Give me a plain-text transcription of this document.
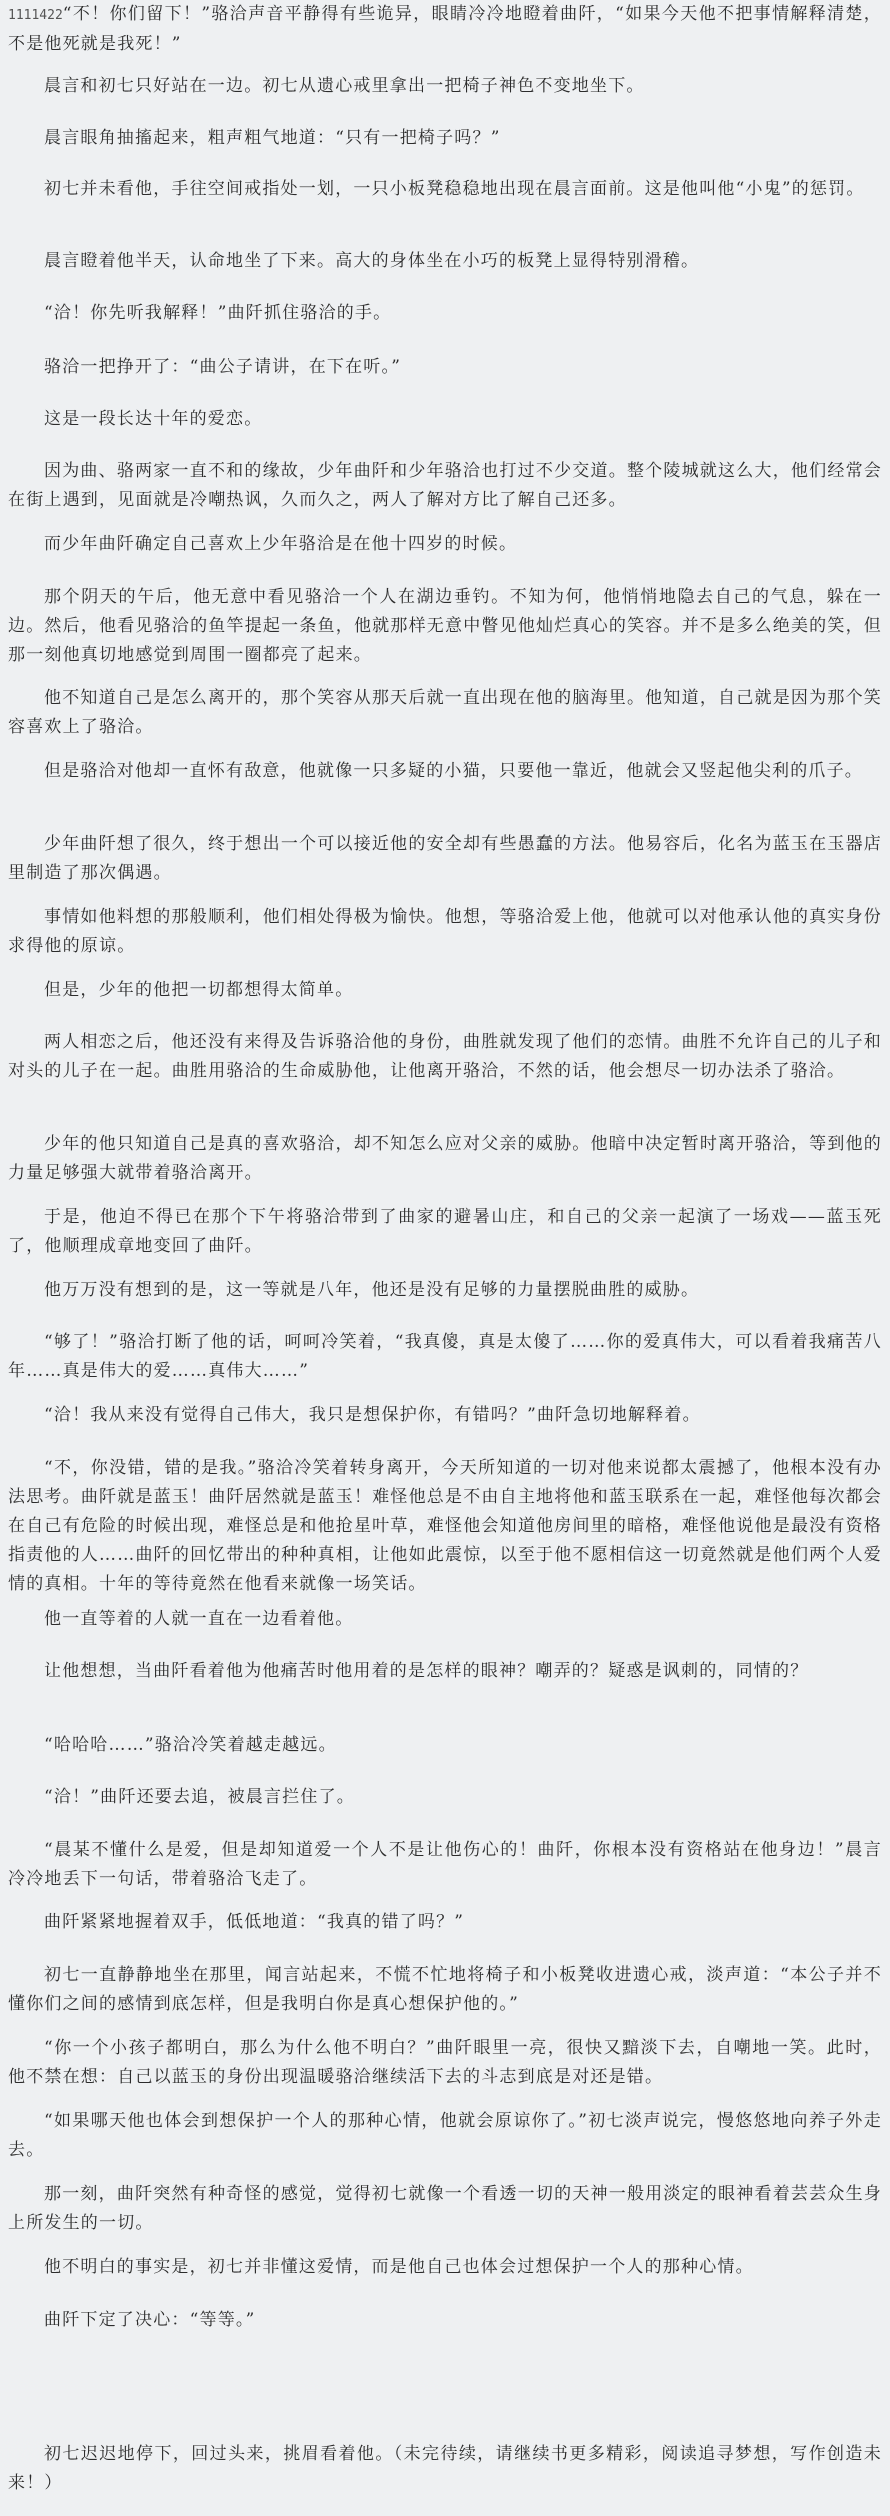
1111422“不！你们留下！”骆洽声音平静得有些诡异，眼睛冷冷地瞪着曲阡，“如果今天他不把事情解释清楚，不是他死就是我死！”

晨言和初七只好站在一边。初七从遗心戒里拿出一把椅子神色不变地坐下。

晨言眼角抽搐起来，粗声粗气地道：“只有一把椅子吗？”

初七并未看他，手往空间戒指处一划，一只小板凳稳稳地出现在晨言面前。这是他叫他“小鬼”的惩罚。

晨言瞪着他半天，认命地坐了下来。高大的身体坐在小巧的板凳上显得特别滑稽。

“洽！你先听我解释！”曲阡抓住骆洽的手。

骆洽一把挣开了：“曲公子请讲，在下在听。”

这是一段长达十年的爱恋。

因为曲、骆两家一直不和的缘故，少年曲阡和少年骆洽也打过不少交道。整个陵城就这么大，他们经常会在街上遇到，见面就是冷嘲热讽，久而久之，两人了解对方比了解自己还多。

而少年曲阡确定自己喜欢上少年骆洽是在他十四岁的时候。

那个阴天的午后，他无意中看见骆洽一个人在湖边垂钓。不知为何，他悄悄地隐去自己的气息，躲在一边。然后，他看见骆洽的鱼竿提起一条鱼，他就那样无意中瞥见他灿烂真心的笑容。并不是多么绝美的笑，但那一刻他真切地感觉到周围一圈都亮了起来。

他不知道自己是怎么离开的，那个笑容从那天后就一直出现在他的脑海里。他知道，自己就是因为那个笑容喜欢上了骆洽。

但是骆洽对他却一直怀有敌意，他就像一只多疑的小猫，只要他一靠近，他就会又竖起他尖利的爪子。

少年曲阡想了很久，终于想出一个可以接近他的安全却有些愚蠢的方法。他易容后，化名为蓝玉在玉器店里制造了那次偶遇。

事情如他料想的那般顺利，他们相处得极为愉快。他想，等骆洽爱上他，他就可以对他承认他的真实身份求得他的原谅。

但是，少年的他把一切都想得太简单。

两人相恋之后，他还没有来得及告诉骆洽他的身份，曲胜就发现了他们的恋情。曲胜不允许自己的儿子和对头的儿子在一起。曲胜用骆洽的生命威胁他，让他离开骆洽，不然的话，他会想尽一切办法杀了骆洽。

少年的他只知道自己是真的喜欢骆洽，却不知怎么应对父亲的威胁。他暗中决定暂时离开骆洽，等到他的力量足够强大就带着骆洽离开。

于是，他迫不得已在那个下午将骆洽带到了曲家的避暑山庄，和自己的父亲一起演了一场戏——蓝玉死了，他顺理成章地变回了曲阡。

他万万没有想到的是，这一等就是八年，他还是没有足够的力量摆脱曲胜的威胁。

“够了！”骆洽打断了他的话，呵呵冷笑着，“我真傻，真是太傻了……你的爱真伟大，可以看着我痛苦八年……真是伟大的爱……真伟大……”

“洽！我从来没有觉得自己伟大，我只是想保护你，有错吗？”曲阡急切地解释着。

“不，你没错，错的是我。”骆洽冷笑着转身离开，今天所知道的一切对他来说都太震撼了，他根本没有办法思考。曲阡就是蓝玉！曲阡居然就是蓝玉！难怪他总是不由自主地将他和蓝玉联系在一起，难怪他每次都会在自己有危险的时候出现，难怪总是和他抢星叶草，难怪他会知道他房间里的暗格，难怪他说他是最没有资格指责他的人……曲阡的回忆带出的种种真相，让他如此震惊，以至于他不愿相信这一切竟然就是他们两个人爱情的真相。十年的等待竟然在他看来就像一场笑话。

他一直等着的人就一直在一边看着他。

让他想想，当曲阡看着他为他痛苦时他用着的是怎样的眼神？嘲弄的？疑惑是讽刺的，同情的？

“哈哈哈……”骆洽冷笑着越走越远。

“洽！”曲阡还要去追，被晨言拦住了。

“晨某不懂什么是爱，但是却知道爱一个人不是让他伤心的！曲阡，你根本没有资格站在他身边！”晨言冷冷地丢下一句话，带着骆洽飞走了。

曲阡紧紧地握着双手，低低地道：“我真的错了吗？”

初七一直静静地坐在那里，闻言站起来，不慌不忙地将椅子和小板凳收进遗心戒，淡声道：“本公子并不懂你们之间的感情到底怎样，但是我明白你是真心想保护他的。”

“你一个小孩子都明白，那么为什么他不明白？”曲阡眼里一亮，很快又黯淡下去，自嘲地一笑。此时，他不禁在想：自己以蓝玉的身份出现温暖骆洽继续活下去的斗志到底是对还是错。

“如果哪天他也体会到想保护一个人的那种心情，他就会原谅你了。”初七淡声说完，慢悠悠地向养子外走去。

那一刻，曲阡突然有种奇怪的感觉，觉得初七就像一个看透一切的天神一般用淡定的眼神看着芸芸众生身上所发生的一切。

他不明白的事实是，初七并非懂这爱情，而是他自己也体会过想保护一个人的那种心情。

曲阡下定了决心：“等等。”

初七迟迟地停下，回过头来，挑眉看着他。（未完待续，请继续书更多精彩，阅读追寻梦想，写作创造未来！）
